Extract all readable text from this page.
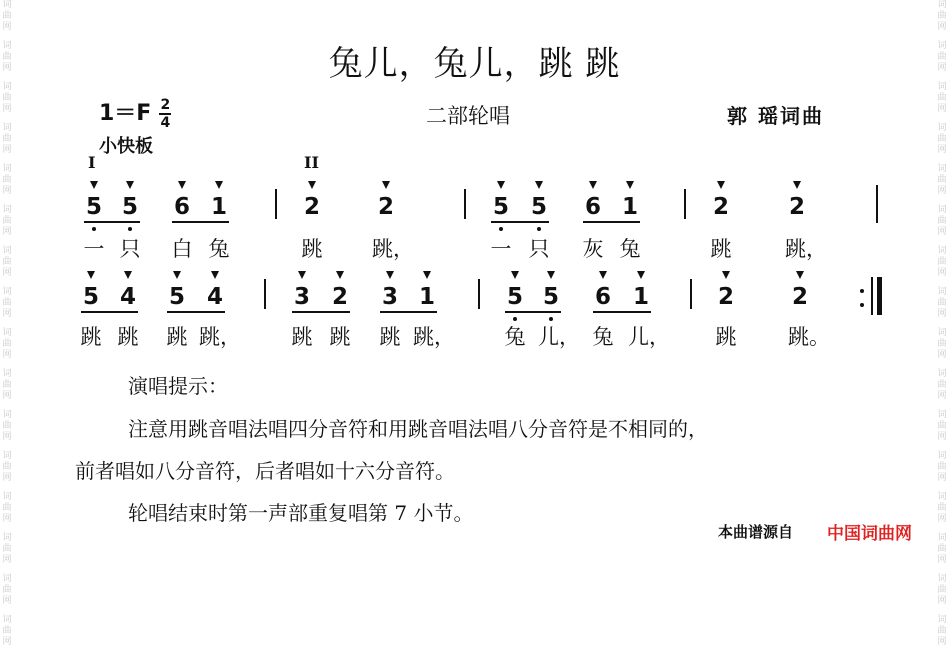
词
曲
网
词
曲
网
词
曲
网
词
曲
网
词
曲
网
词
曲
网
词
曲
网
词
曲
网
词
曲
网
词
曲
网
词
曲
网
词
曲
网
词
曲
网
词
曲
网
词
曲
网
词
曲
网
词
曲
网
词
曲
网
词
曲
网
词
曲
网
词
曲
网
词
曲
网
词
曲
网
词
曲
网
词
曲
网
词
曲
网
词
曲
网
词
曲
网
词
曲
网
词
曲
网
词
曲
网
词
曲
网
兔儿，兔儿，跳 跳
$1=F \frac{2}{4}$	二部轮唱	郭 瑶词曲
小快板
I	II
5 5 6 1	2	2	5 5 6 1	2	2
一 只	白 兔	跳	跳，	一 只	灰 兔	跳	跳，
5 4 5 4	3 2 3 1	5 5 6 1	2	2
跳 跳	跳 跳，	跳 跳	跳 跳，	兔 儿， 兔 儿，	跳	跳。
演唱提示：
注意用跳音唱法唱四分音符和用跳音唱法唱八分音符是不相同的，
前者唱如八分音符，后者唱如十六分音符。
轮唱结束时第一声部重复唱第 7 小节。
本曲谱源自 中国词曲网
